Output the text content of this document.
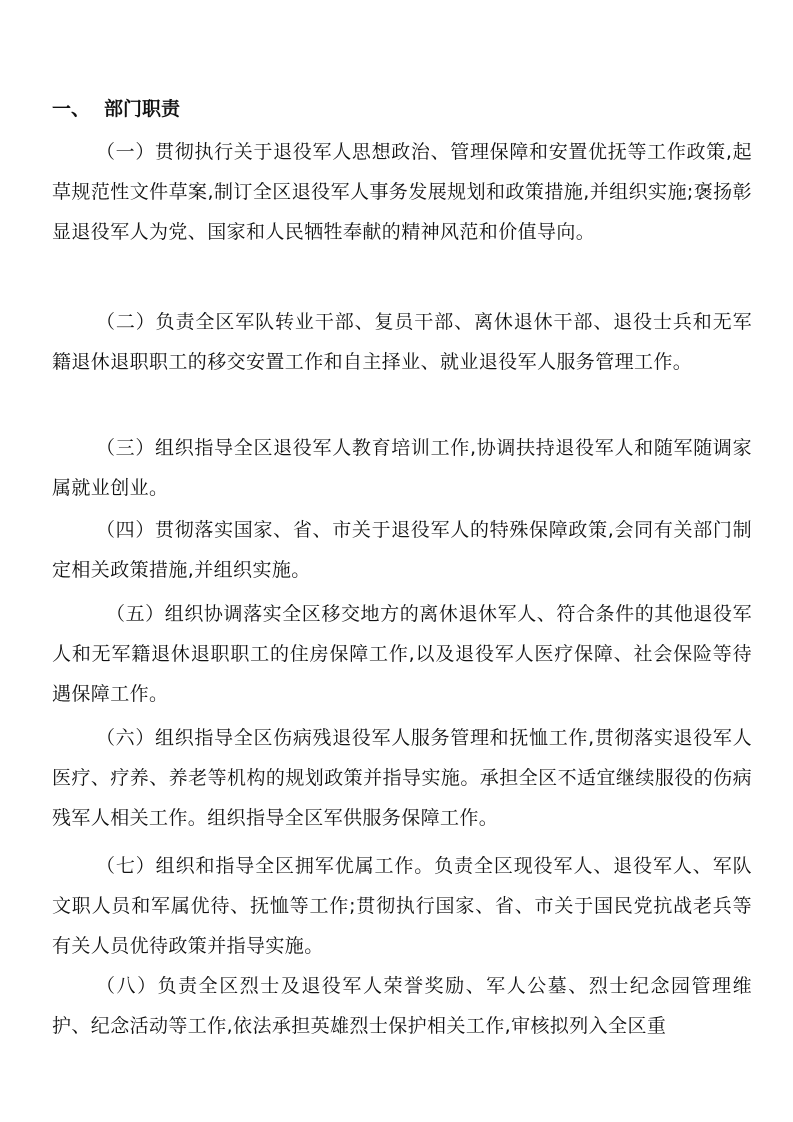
一、 部门职责
（一）贯彻执行关于退役军人思想政治、管理保障和安置优抚等工作政策,起草规范性文件草案,制订全区退役军人事务发展规划和政策措施,并组织实施;褒扬彰显退役军人为党、国家和人民牺牲奉献的精神风范和价值导向。
（二）负责全区军队转业干部、复员干部、离休退休干部、退役士兵和无军籍退休退职职工的移交安置工作和自主择业、就业退役军人服务管理工作。
（三）组织指导全区退役军人教育培训工作,协调扶持退役军人和随军随调家属就业创业。
（四）贯彻落实国家、省、市关于退役军人的特殊保障政策,会同有关部门制定相关政策措施,并组织实施。
（五）组织协调落实全区移交地方的离休退休军人、符合条件的其他退役军人和无军籍退休退职职工的住房保障工作,以及退役军人医疗保障、社会保险等待遇保障工作。
（六）组织指导全区伤病残退役军人服务管理和抚恤工作,贯彻落实退役军人医疗、疗养、养老等机构的规划政策并指导实施。承担全区不适宜继续服役的伤病残军人相关工作。组织指导全区军供服务保障工作。
（七）组织和指导全区拥军优属工作。负责全区现役军人、退役军人、军队文职人员和军属优待、抚恤等工作;贯彻执行国家、省、市关于国民党抗战老兵等有关人员优待政策并指导实施。
（八）负责全区烈士及退役军人荣誉奖励、军人公墓、烈士纪念园管理维护、纪念活动等工作,依法承担英雄烈士保护相关工作,审核拟列入全区重
